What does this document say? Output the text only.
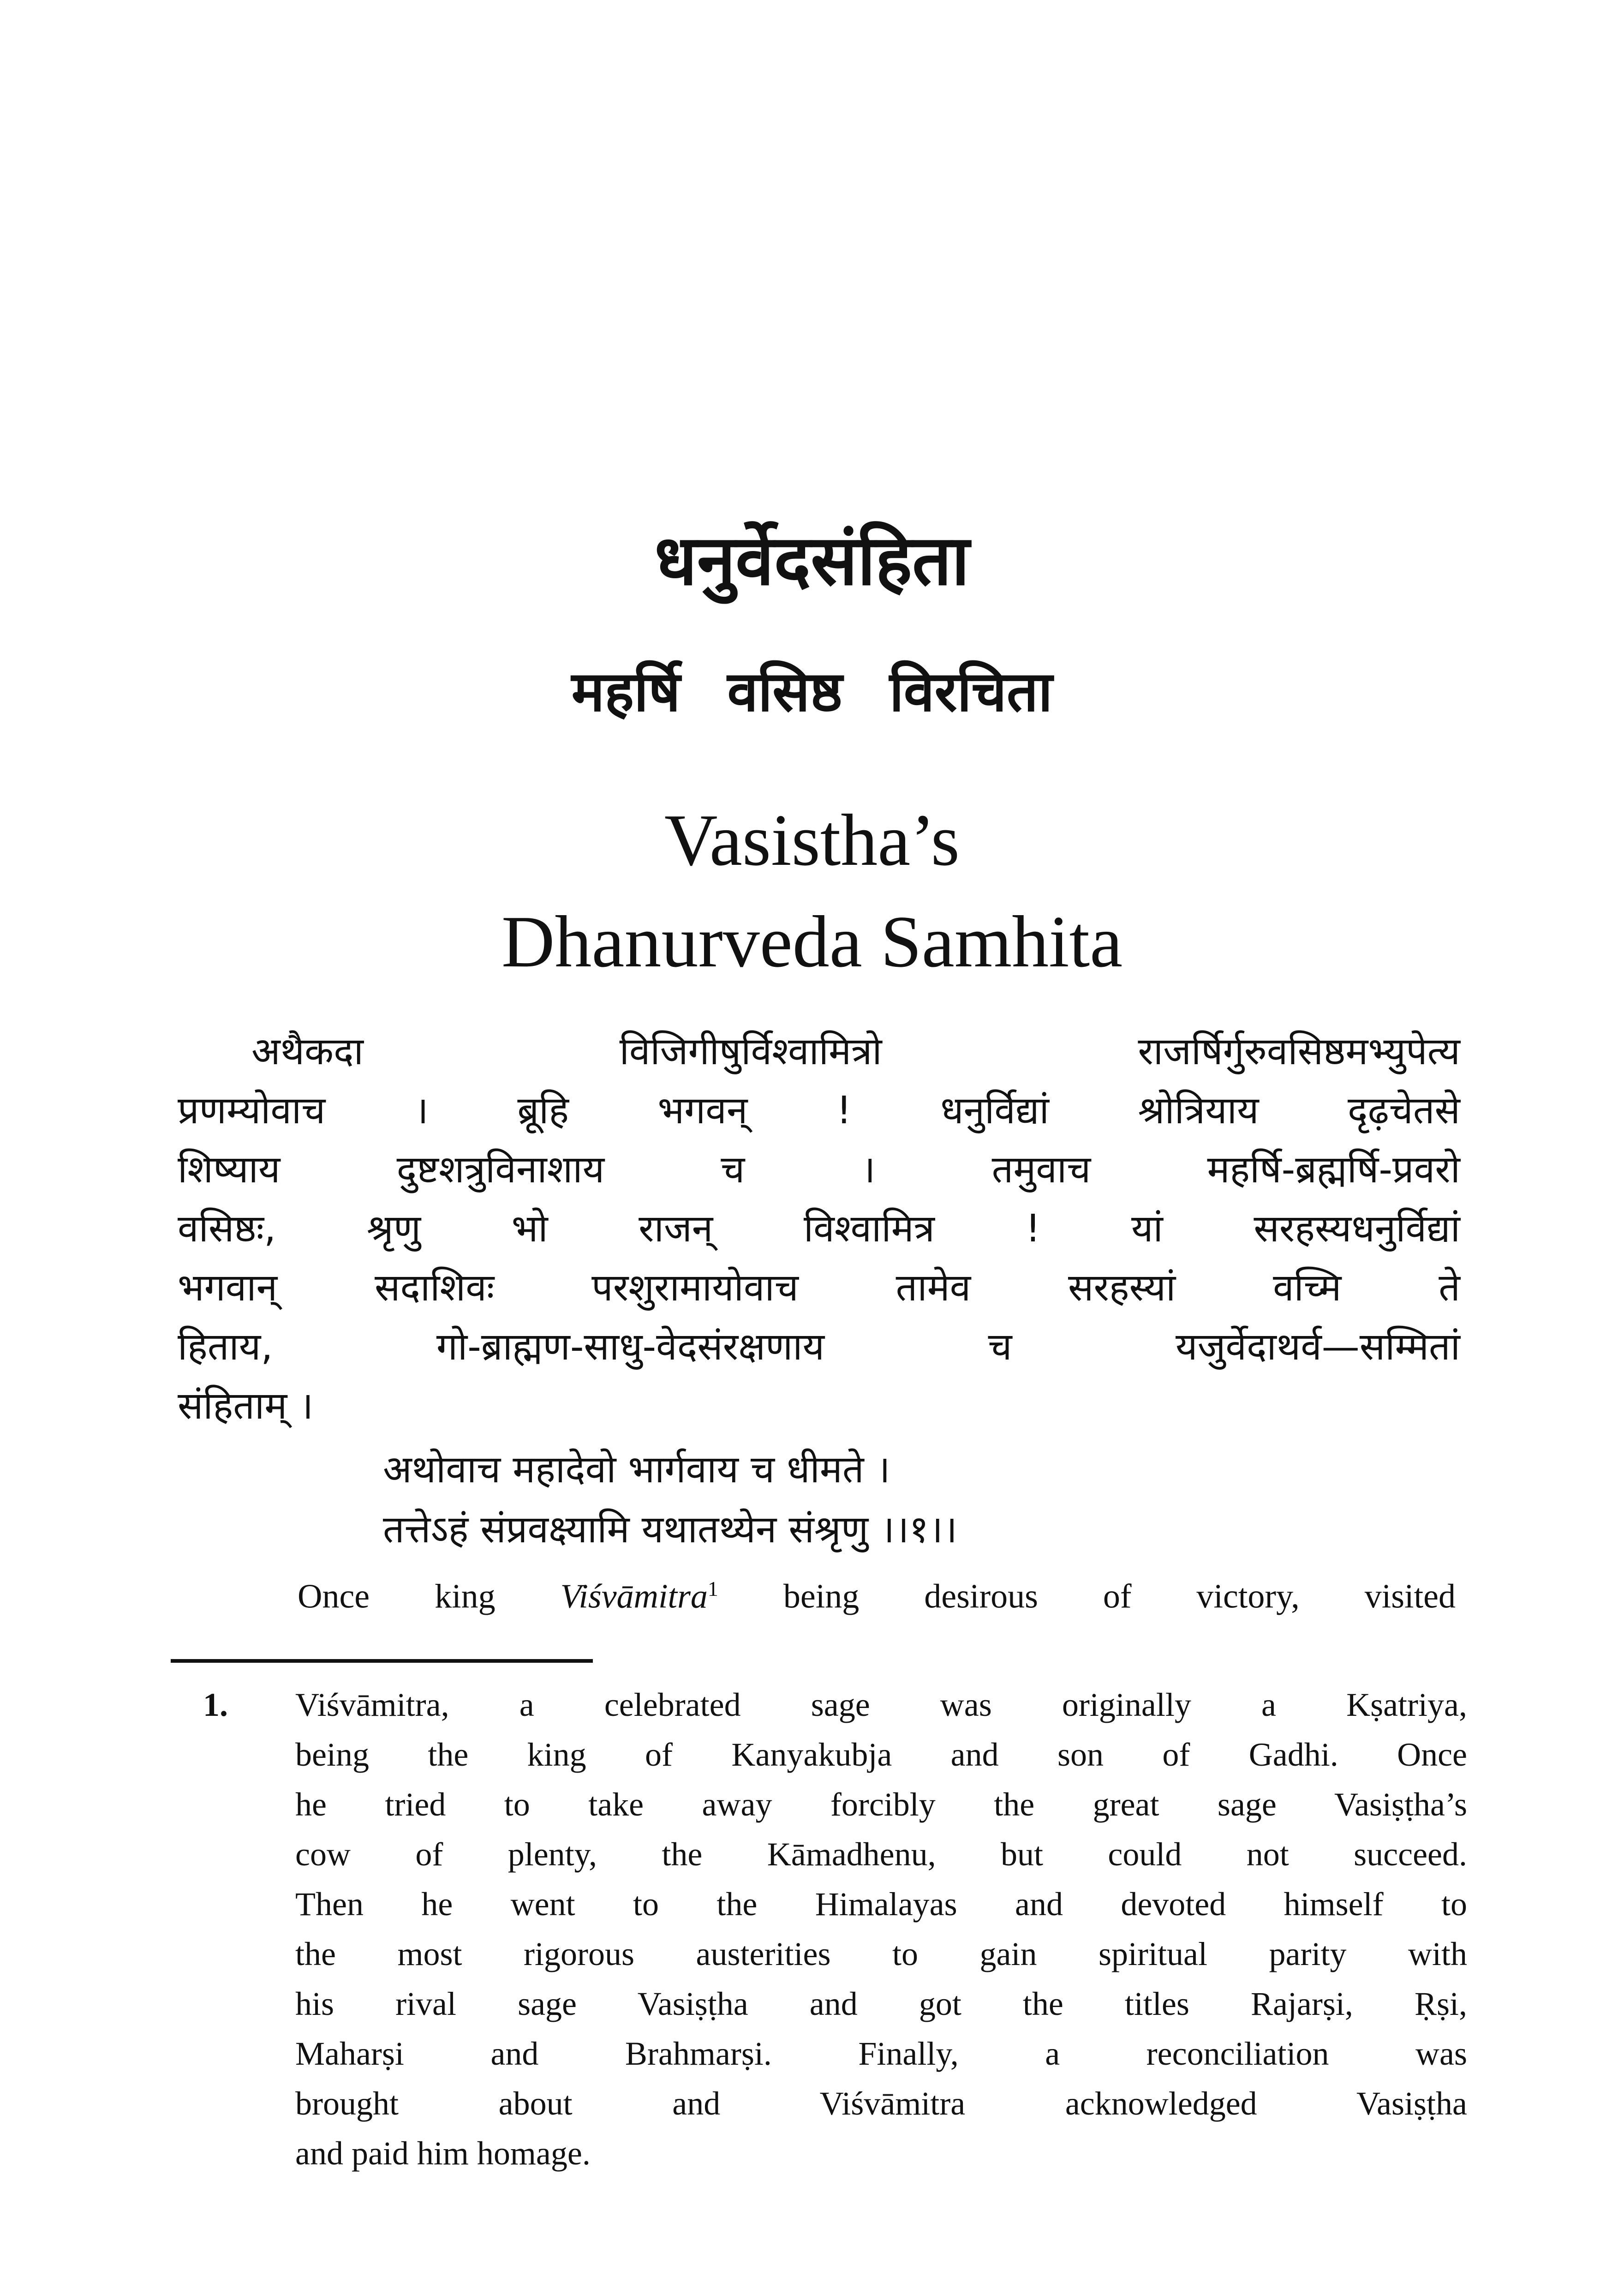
धनुर्वेदसंहिता
महर्षि वसिष्ठ विरचिता
Vasistha’s
Dhanurveda Samhita
अथैकदा विजिगीषुर्विश्वामित्रो राजर्षिर्गुरुवसिष्ठमभ्युपेत्य
प्रणम्योवाच । ब्रूहि भगवन् ! धनुर्विद्यां श्रोत्रियाय दृढ़चेतसे
शिष्याय दुष्टशत्रुविनाशाय च । तमुवाच महर्षि-ब्रह्मर्षि-प्रवरो
वसिष्ठः, श्रृणु भो राजन् विश्वामित्र ! यां सरहस्यधनुर्विद्यां
भगवान् सदाशिवः परशुरामायोवाच तामेव सरहस्यां वच्मि ते
हिताय, गो-ब्राह्मण-साधु-वेदसंरक्षणाय च यजुर्वेदाथर्व—सम्मितां
संहिताम् ।
अथोवाच महादेवो भार्गवाय च धीमते ।
तत्तेऽहं संप्रवक्ष्यामि यथातथ्येन संश्रृणु ।।१।।
Once king Viśvāmitra$^1$ being desirous of victory, visited
1. Viśvāmitra, a celebrated sage was originally a Kṣatriya,
being the king of Kanyakubja and son of Gadhi. Once
he tried to take away forcibly the great sage Vasiṣṭha’s
cow of plenty, the Kāmadhenu, but could not succeed.
Then he went to the Himalayas and devoted himself to
the most rigorous austerities to gain spiritual parity with
his rival sage Vasiṣṭha and got the titles Rajarṣi, Ṛṣi,
Maharṣi and Brahmarṣi. Finally, a reconciliation was
brought about and Viśvāmitra acknowledged Vasiṣṭha
and paid him homage.
